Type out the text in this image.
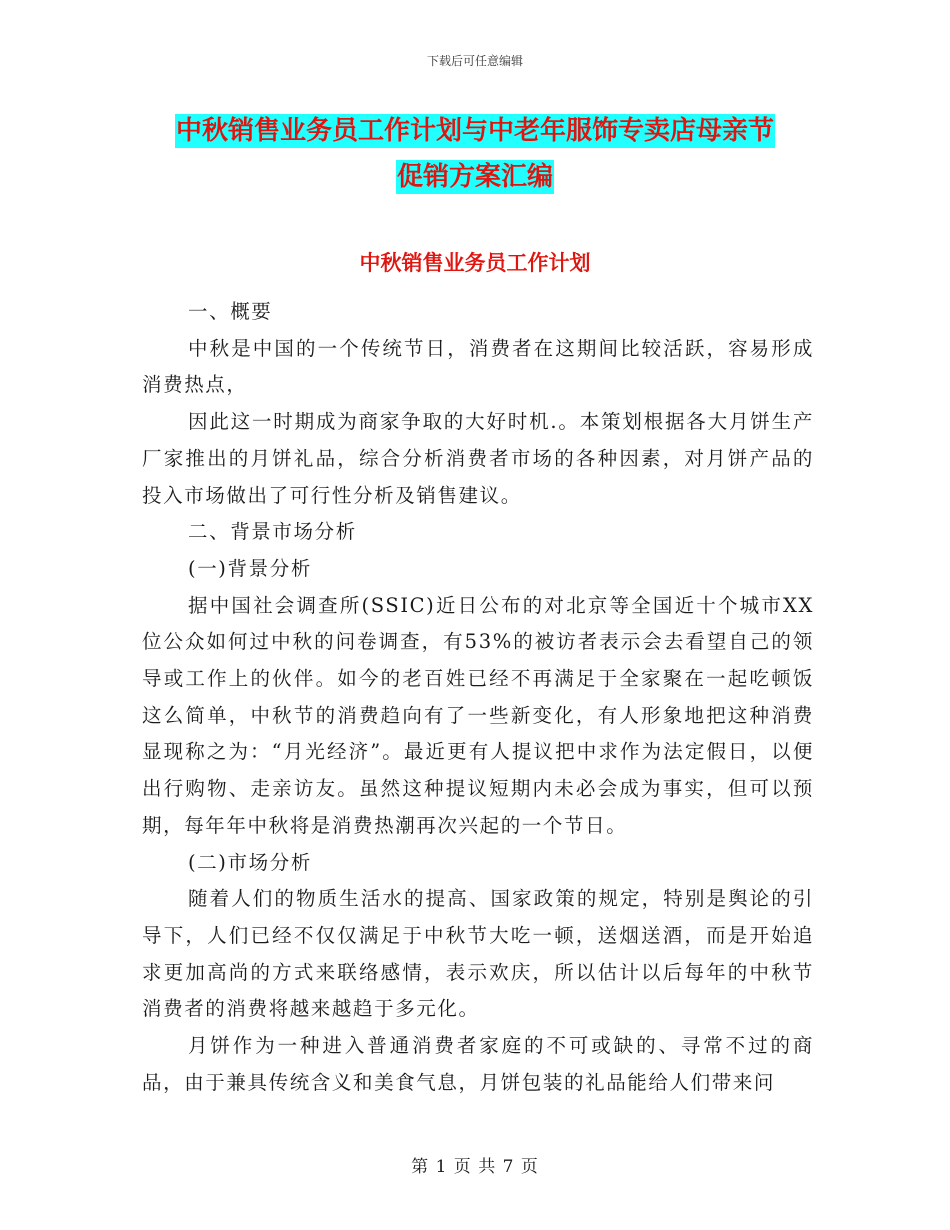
下载后可任意编辑
中秋销售业务员工作计划与中老年服饰专卖店母亲节
促销方案汇编
中秋销售业务员工作计划

一、概要

中秋是中国的一个传统节日，消费者在这期间比较活跃，容易形成消费热点，

因此这一时期成为商家争取的大好时机.。本策划根据各大月饼生产厂家推出的月饼礼品，综合分析消费者市场的各种因素，对月饼产品的投入市场做出了可行性分析及销售建议。

二、背景市场分析

(一)背景分析

据中国社会调查所(SSIC)近日公布的对北京等全国近十个城市XX位公众如何过中秋的问卷调查，有53%的被访者表示会去看望自己的领导或工作上的伙伴。如今的老百姓已经不再满足于全家聚在一起吃顿饭这么简单，中秋节的消费趋向有了一些新变化，有人形象地把这种消费显现称之为：“月光经济”。最近更有人提议把中求作为法定假日，以便出行购物、走亲访友。虽然这种提议短期内未必会成为事实，但可以预期，每年年中秋将是消费热潮再次兴起的一个节日。

(二)市场分析

随着人们的物质生活水的提高、国家政策的规定，特别是舆论的引导下，人们已经不仅仅满足于中秋节大吃一顿，送烟送酒，而是开始追求更加高尚的方式来联络感情，表示欢庆，所以估计以后每年的中秋节消费者的消费将越来越趋于多元化。

月饼作为一种进入普通消费者家庭的不可或缺的、寻常不过的商品，由于兼具传统含义和美食气息，月饼包装的礼品能给人们带来问

第 1 页 共 7 页
